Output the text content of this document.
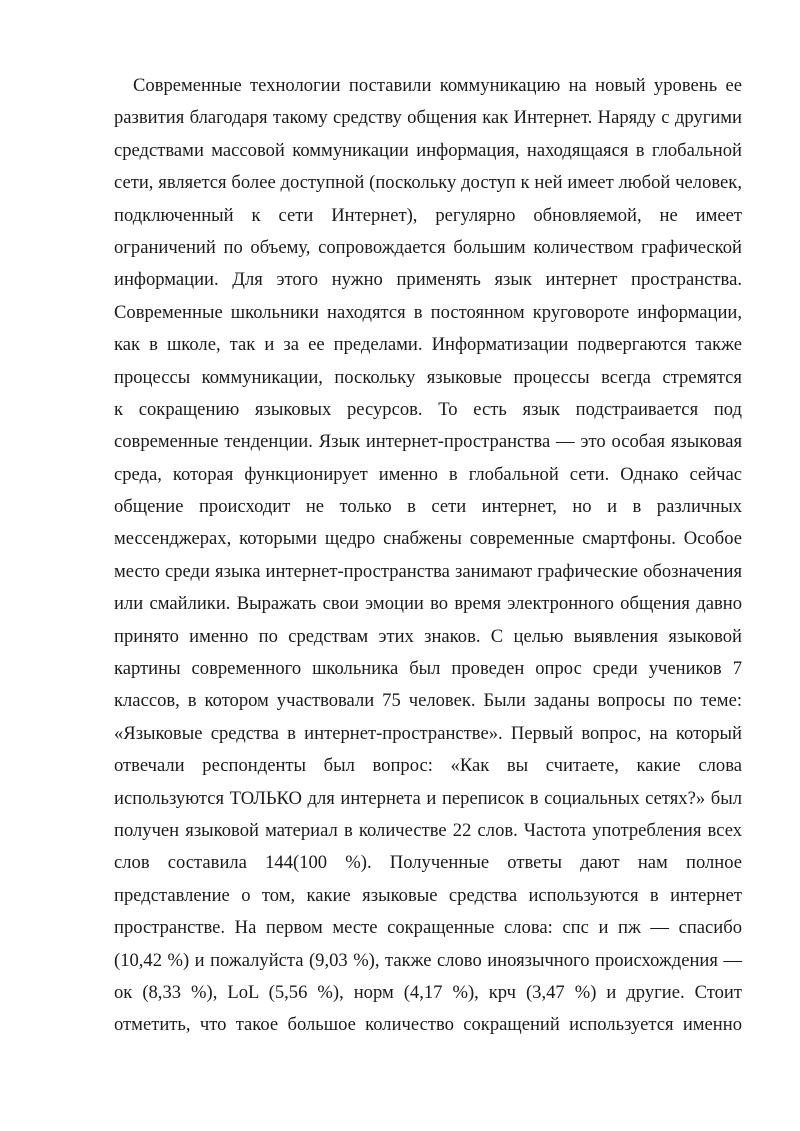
Современные технологии поставили коммуникацию на новый уровень ее
развития благодаря такому средству общения как Интернет. Наряду с другими
средствами массовой коммуникации информация, находящаяся в глобальной
сети, является более доступной (поскольку доступ к ней имеет любой человек,
подключенный к сети Интернет), регулярно обновляемой, не имеет
ограничений по объему, сопровождается большим количеством графической
информации. Для этого нужно применять язык интернет пространства.
Современные школьники находятся в постоянном круговороте информации,
как в школе, так и за ее пределами. Информатизации подвергаются также
процессы коммуникации, поскольку языковые процессы всегда стремятся
к сокращению языковых ресурсов. То есть язык подстраивается под
современные тенденции. Язык интернет-пространства — это особая языковая
среда, которая функционирует именно в глобальной сети. Однако сейчас
общение происходит не только в сети интернет, но и в различных
мессенджерах, которыми щедро снабжены современные смартфоны. Особое
место среди языка интернет-пространства занимают графические обозначения
или смайлики. Выражать свои эмоции во время электронного общения давно
принято именно по средствам этих знаков. С целью выявления языковой
картины современного школьника был проведен опрос среди учеников 7
классов, в котором участвовали 75 человек. Были заданы вопросы по теме:
«Языковые средства в интернет-пространстве». Первый вопрос, на который
отвечали респонденты был вопрос: «Как вы считаете, какие слова
используются ТОЛЬКО для интернета и переписок в социальных сетях?» был
получен языковой материал в количестве 22 слов. Частота употребления всех
слов составила 144(100 %). Полученные ответы дают нам полное
представление о том, какие языковые средства используются в интернет
пространстве. На первом месте сокращенные слова: спс и пж — спасибо
(10,42 %) и пожалуйста (9,03 %), также слово иноязычного происхождения —
ок (8,33 %), LoL (5,56 %), норм (4,17 %), крч (3,47 %) и другие. Стоит
отметить, что такое большое количество сокращений используется именно
